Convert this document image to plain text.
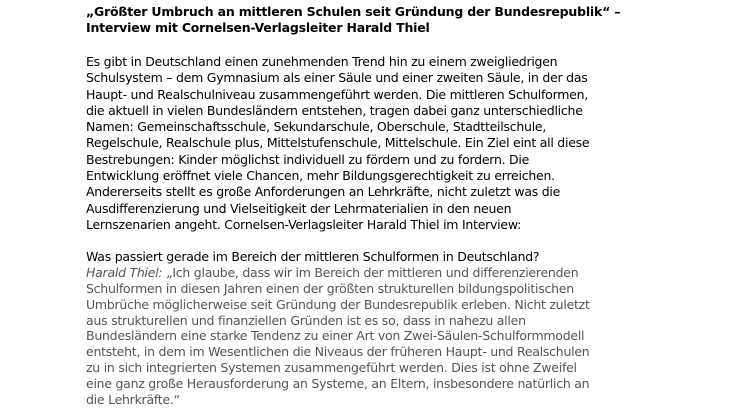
„Größter Umbruch an mittleren Schulen seit Gründung der Bundesrepublik“ –
Interview mit Cornelsen-Verlagsleiter Harald Thiel
Es gibt in Deutschland einen zunehmenden Trend hin zu einem zweigliedrigen
Schulsystem – dem Gymnasium als einer Säule und einer zweiten Säule, in der das
Haupt- und Realschulniveau zusammengeführt werden. Die mittleren Schulformen,
die aktuell in vielen Bundesländern entstehen, tragen dabei ganz unterschiedliche
Namen: Gemeinschaftsschule, Sekundarschule, Oberschule, Stadtteilschule,
Regelschule, Realschule plus, Mittelstufenschule, Mittelschule. Ein Ziel eint all diese
Bestrebungen: Kinder möglichst individuell zu fördern und zu fordern. Die
Entwicklung eröffnet viele Chancen, mehr Bildungsgerechtigkeit zu erreichen.
Andererseits stellt es große Anforderungen an Lehrkräfte, nicht zuletzt was die
Ausdifferenzierung und Vielseitigkeit der Lehrmaterialien in den neuen
Lernszenarien angeht. Cornelsen-Verlagsleiter Harald Thiel im Interview:
Was passiert gerade im Bereich der mittleren Schulformen in Deutschland?
Harald Thiel: „Ich glaube, dass wir im Bereich der mittleren und differenzierenden
Schulformen in diesen Jahren einen der größten strukturellen bildungspolitischen
Umbrüche möglicherweise seit Gründung der Bundesrepublik erleben. Nicht zuletzt
aus strukturellen und finanziellen Gründen ist es so, dass in nahezu allen
Bundesländern eine starke Tendenz zu einer Art von Zwei-Säulen-Schulformmodell
entsteht, in dem im Wesentlichen die Niveaus der früheren Haupt- und Realschulen
zu in sich integrierten Systemen zusammengeführt werden. Dies ist ohne Zweifel
eine ganz große Herausforderung an Systeme, an Eltern, insbesondere natürlich an
die Lehrkräfte.“
